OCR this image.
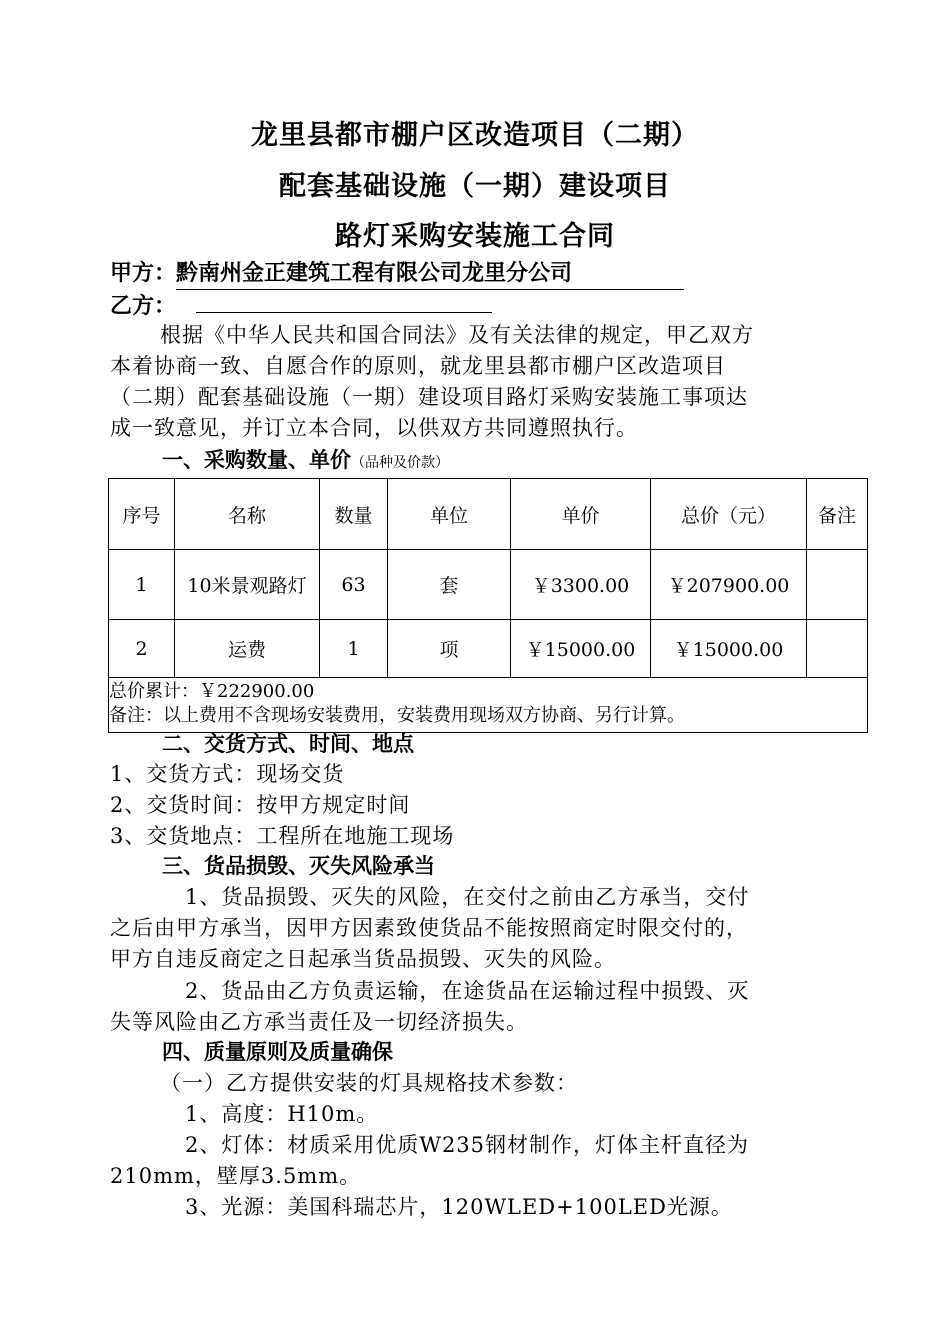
龙里县都市棚户区改造项目（二期）
配套基础设施（一期）建设项目
路灯采购安装施工合同
甲方：黔南州金正建筑工程有限公司龙里分公司
乙方：
根据《中华人民共和国合同法》及有关法律的规定，甲乙双方
本着协商一致、自愿合作的原则，就龙里县都市棚户区改造项目
（二期）配套基础设施（一期）建设项目路灯采购安装施工事项达
成一致意见，并订立本合同，以供双方共同遵照执行。
一、采购数量、单价（品种及价款）
序号	名称	数量	单位	单价	总价（元）	备注
1	10米景观路灯	63	套	￥3300.00	￥207900.00	
2	运费	1	项	￥15000.00	￥15000.00	

总价累计：￥222900.00
备注：以上费用不含现场安装费用，安装费用现场双方协商、另行计算。						
二、交货方式、时间、地点
1、交货方式：现场交货
2、交货时间：按甲方规定时间
3、交货地点：工程所在地施工现场
三、货品损毁、灭失风险承当
1、货品损毁、灭失的风险，在交付之前由乙方承当，交付
之后由甲方承当，因甲方因素致使货品不能按照商定时限交付的，
甲方自违反商定之日起承当货品损毁、灭失的风险。
2、货品由乙方负责运输，在途货品在运输过程中损毁、灭
失等风险由乙方承当责任及一切经济损失。
四、质量原则及质量确保
（一）乙方提供安装的灯具规格技术参数：
1、高度：H10m。
2、灯体：材质采用优质W235钢材制作，灯体主杆直径为
210mm，壁厚3.5mm。
3、光源：美国科瑞芯片，120WLED+100LED光源。
